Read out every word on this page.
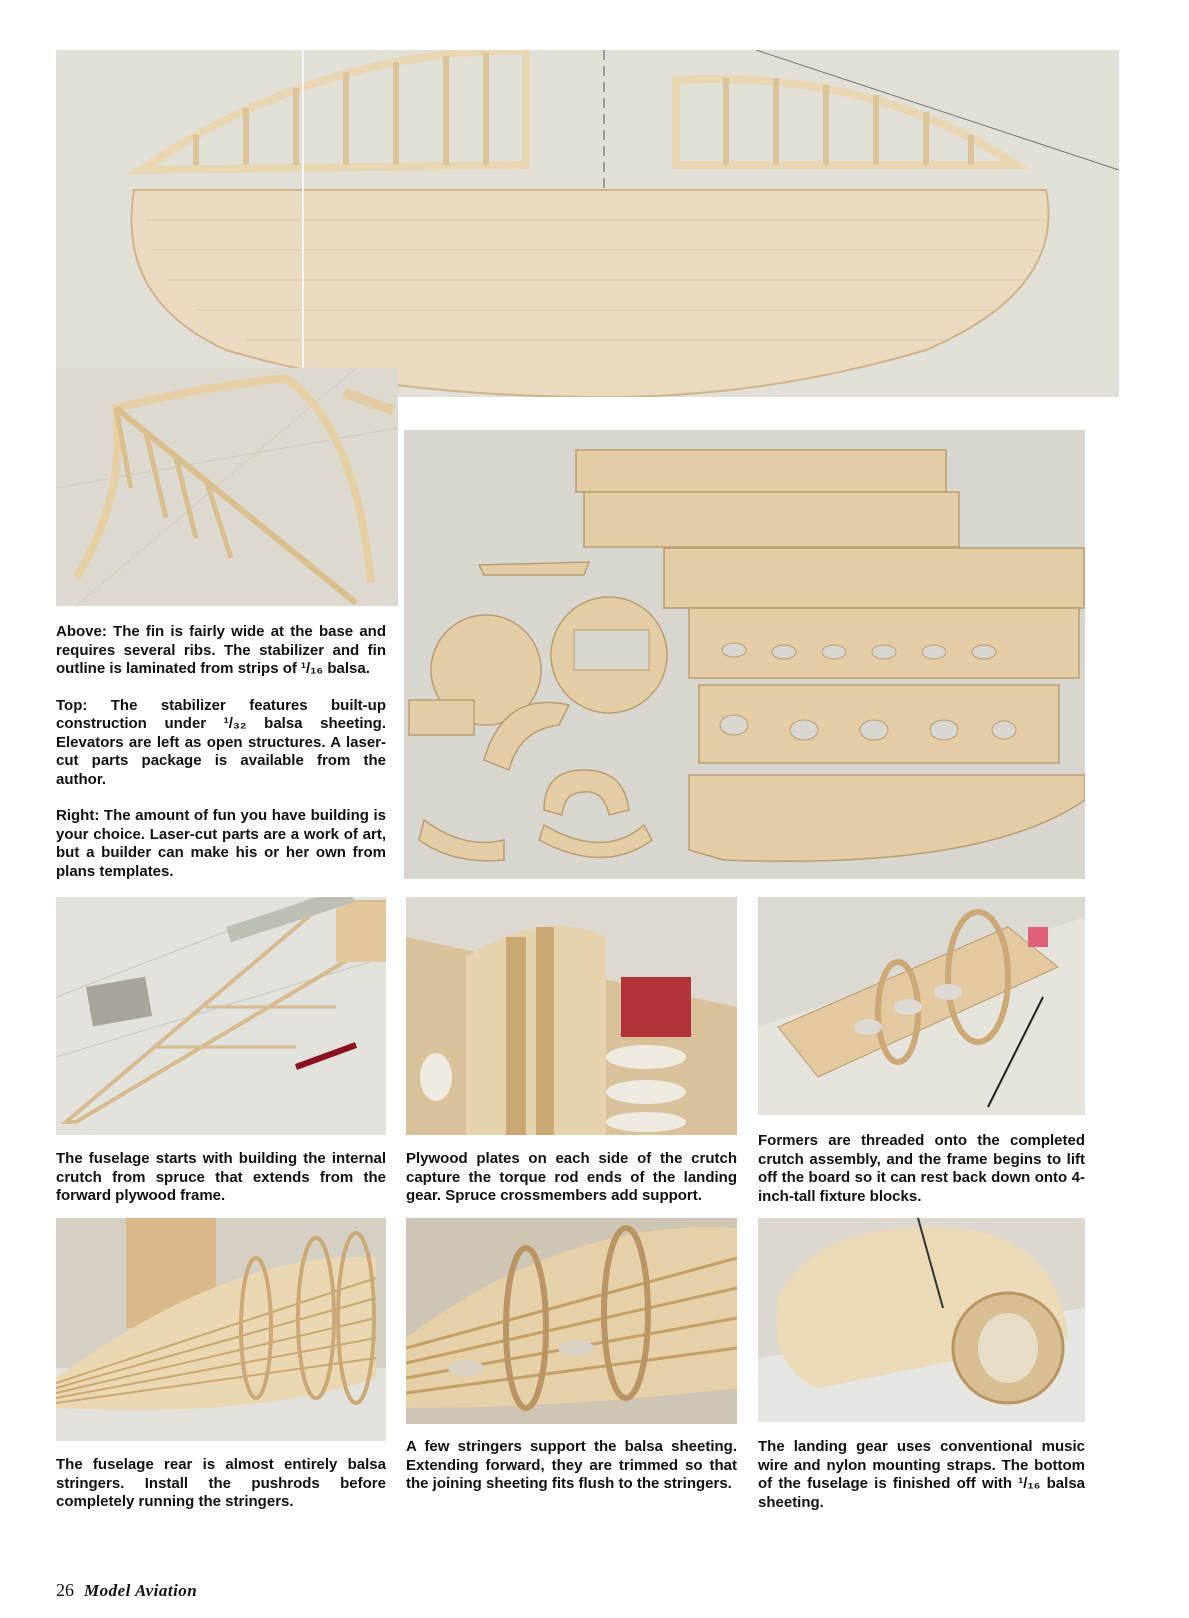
Above: The fin is fairly wide at the base and requires several ribs. The stabilizer and fin outline is laminated from strips of ¹/₁₆ balsa.

Top: The stabilizer features built-up construction under ¹/₃₂ balsa sheeting. Elevators are left as open structures. A laser-cut parts package is available from the author.

Right: The amount of fun you have building is your choice. Laser-cut parts are a work of art, but a builder can make his or her own from plans templates.

The fuselage starts with building the internal crutch from spruce that extends from the forward plywood frame.
Plywood plates on each side of the crutch capture the torque rod ends of the landing gear. Spruce crossmembers add support.
Formers are threaded onto the completed crutch assembly, and the frame begins to lift off the board so it can rest back down onto 4-inch-tall fixture blocks.
The fuselage rear is almost entirely balsa stringers. Install the pushrods before completely running the stringers.
A few stringers support the balsa sheeting. Extending forward, they are trimmed so that the joining sheeting fits flush to the stringers.
The landing gear uses conventional music wire and nylon mounting straps. The bottom of the fuselage is finished off with ¹/₁₆ balsa sheeting.
26 Model Aviation
